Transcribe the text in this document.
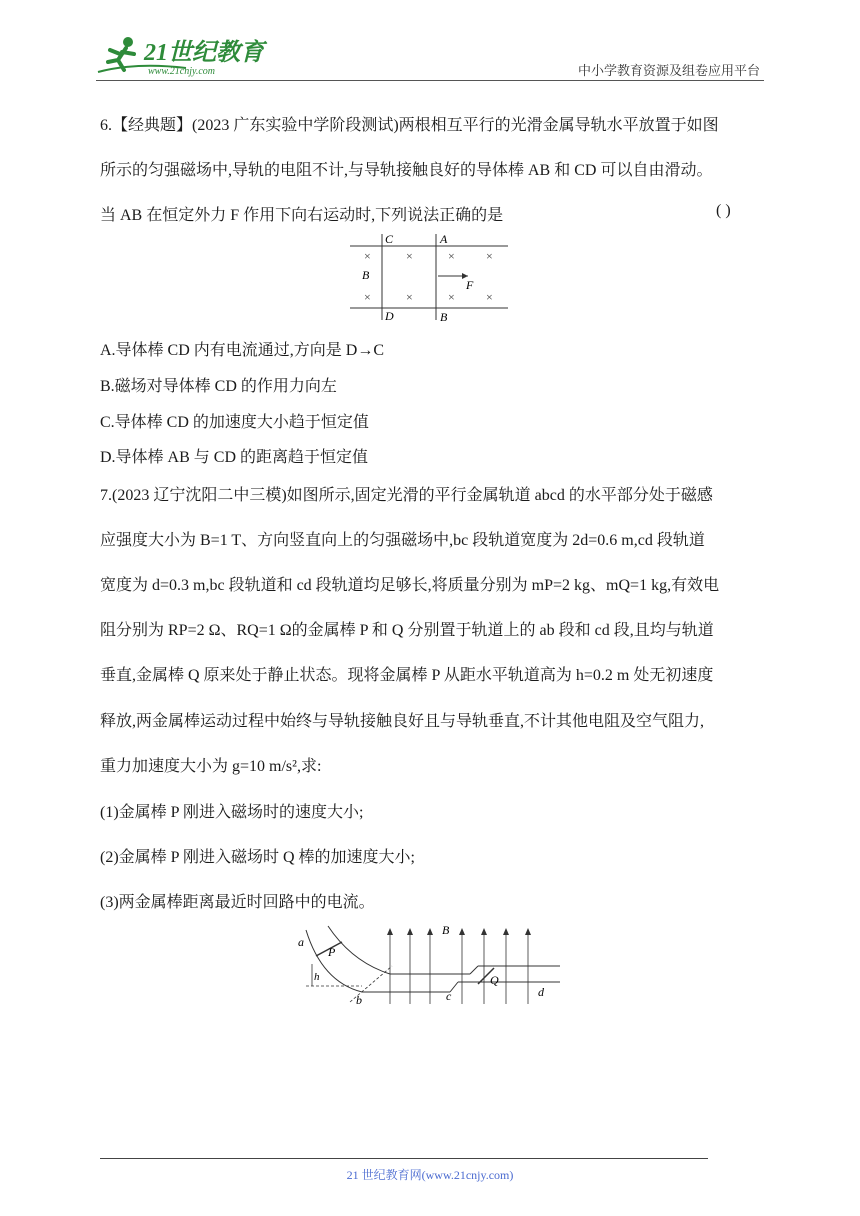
21世纪教育
www.21cnjy.com	中小学教育资源及组卷应用平台
6.【经典题】(2023 广东实验中学阶段测试)两根相互平行的光滑金属导轨水平放置于如图
所示的匀强磁场中,导轨的电阻不计,与导轨接触良好的导体棒 AB 和 CD 可以自由滑动。
当 AB 在恒定外力 F 作用下向右运动时,下列说法正确的是	( )
C	A
B
D	B
×	×	×	×
×	×	×	×
F
A.导体棒 CD 内有电流通过,方向是 D→C
B.磁场对导体棒 CD 的作用力向左
C.导体棒 CD 的加速度大小趋于恒定值
D.导体棒 AB 与 CD 的距离趋于恒定值
7.(2023 辽宁沈阳二中三模)如图所示,固定光滑的平行金属轨道 abcd 的水平部分处于磁感
应强度大小为 B=1 T、方向竖直向上的匀强磁场中,bc 段轨道宽度为 2d=0.6 m,cd 段轨道
宽度为 d=0.3 m,bc 段轨道和 cd 段轨道均足够长,将质量分别为 mP=2 kg、mQ=1 kg,有效电
阻分别为 RP=2 Ω、RQ=1 Ω的金属棒 P 和 Q 分别置于轨道上的 ab 段和 cd 段,且均与轨道
垂直,金属棒 Q 原来处于静止状态。现将金属棒 P 从距水平轨道高为 h=0.2 m 处无初速度
释放,两金属棒运动过程中始终与导轨接触良好且与导轨垂直,不计其他电阻及空气阻力,
重力加速度大小为 g=10 m/s²,求:
(1)金属棒 P 刚进入磁场时的速度大小;
(2)金属棒 P 刚进入磁场时 Q 棒的加速度大小;
(3)两金属棒距离最近时回路中的电流。
a
P
h
b
B
Q
c	d
21 世纪教育网(www.21cnjy.com)
